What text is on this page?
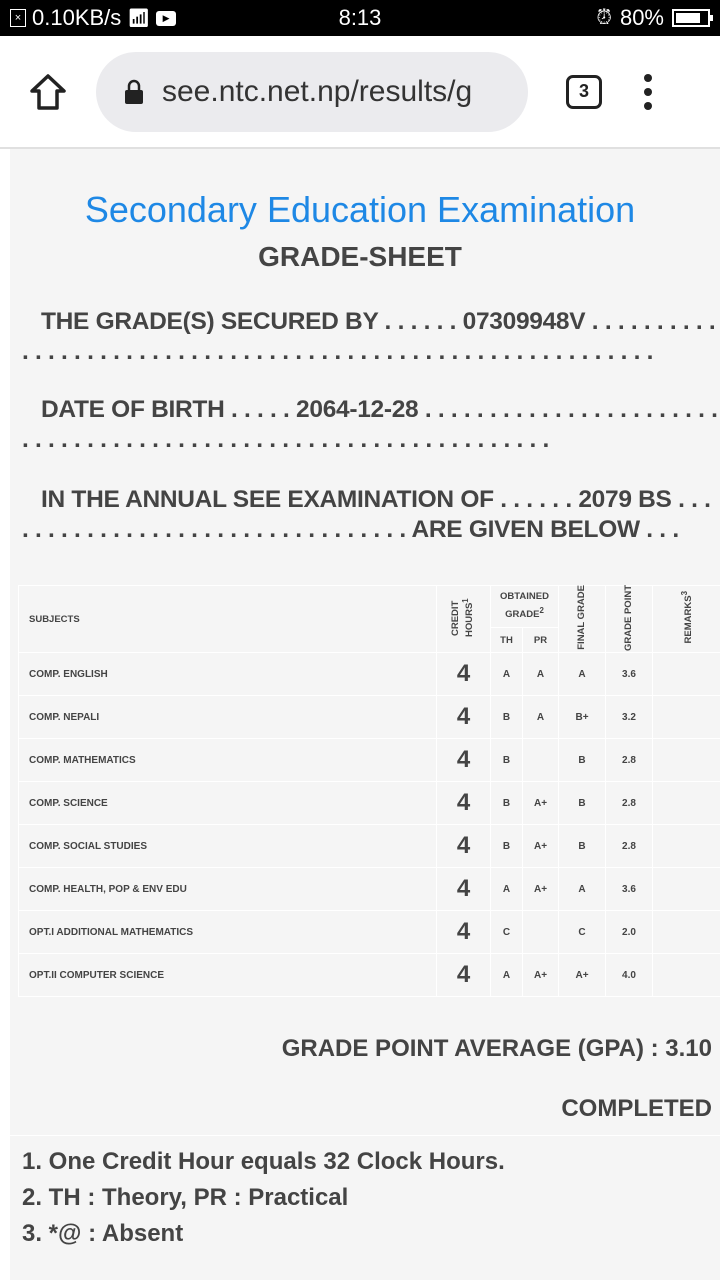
× 0.10KB/s 📶︎	▶	8:13	⏰︎ 80%
see.ntc.net.np/results/g	3
Secondary Education Examination
GRADE-SHEET
THE GRADE(S) SECURED BY . . . . . . 07309948V . . . . . . . . . . . . . . . . . . . . . . . . . . . . . . . . . . . . . . . . . . . . . . . . . . . . . . . . . . .
DATE OF BIRTH . . . . . 2064-12-28 . . . . . . . . . . . . . . . . . . . . . . . . . . . . . . . . . . . . . . . . . . . . . . . . . . . . . . . . . . . . . . . .
IN THE ANNUAL SEE EXAMINATION OF . . . . . . 2079 BS . . . . . . . . . . . . . . . . . . . . . . . . . . . . . . . . . ARE GIVEN BELOW . . .
SUBJECTS	CREDIT HOURS$^1$	OBTAINED GRADE$^2$		FINAL GRADE	GRADE POINT	REMARKS$^3$
		TH	PR			
COMP. ENGLISH	4	A	A	A	3.6	
COMP. NEPALI	4	B	A	B+	3.2	
COMP. MATHEMATICS	4	B		B	2.8	
COMP. SCIENCE	4	B	A+	B	2.8	
COMP. SOCIAL STUDIES	4	B	A+	B	2.8	
COMP. HEALTH, POP & ENV EDU	4	A	A+	A	3.6	
OPT.I ADDITIONAL MATHEMATICS	4	C		C	2.0	
OPT.II COMPUTER SCIENCE	4	A	A+	A+	4.0	
GRADE POINT AVERAGE (GPA) : 3.10
COMPLETED
1. One Credit Hour equals 32 Clock Hours.
2. TH : Theory, PR : Practical
3. *@ : Absent
